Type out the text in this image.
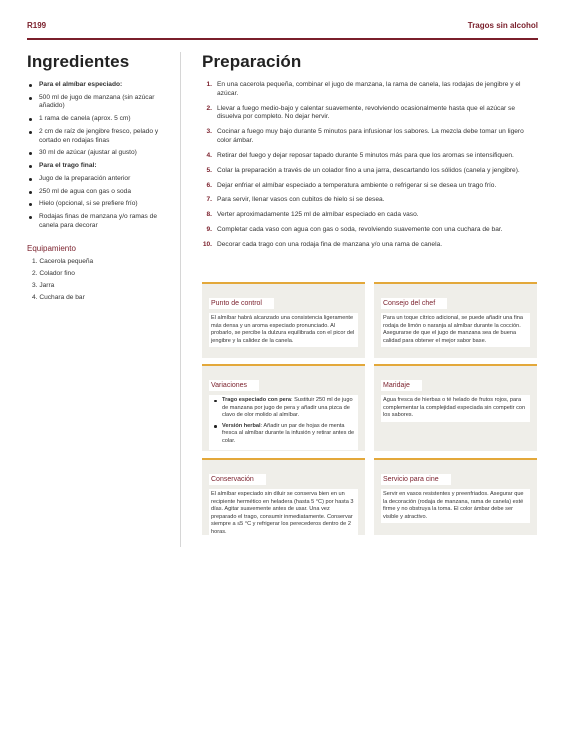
R199	Tragos sin alcohol
Ingredientes
Para el almíbar especiado:
500 ml de jugo de manzana (sin azúcar añadido)
1 rama de canela (aprox. 5 cm)
2 cm de raíz de jengibre fresco, pelado y cortado en rodajas finas
30 ml de azúcar (ajustar al gusto)
Para el trago final:
Jugo de la preparación anterior
250 ml de agua con gas o soda
Hielo (opcional, si se prefiere frío)
Rodajas finas de manzana y/o ramas de canela para decorar
Equipamiento
1. Cacerola pequeña
2. Colador fino
3. Jarra
4. Cuchara de bar
Preparación
1. En una cacerola pequeña, combinar el jugo de manzana, la rama de canela, las rodajas de jengibre y el azúcar.
2. Llevar a fuego medio-bajo y calentar suavemente, revolviendo ocasionalmente hasta que el azúcar se disuelva por completo. No dejar hervir.
3. Cocinar a fuego muy bajo durante 5 minutos para infusionar los sabores. La mezcla debe tomar un ligero color ámbar.
4. Retirar del fuego y dejar reposar tapado durante 5 minutos más para que los aromas se intensifiquen.
5. Colar la preparación a través de un colador fino a una jarra, descartando los sólidos (canela y jengibre).
6. Dejar enfriar el almíbar especiado a temperatura ambiente o refrigerar si se desea un trago frío.
7. Para servir, llenar vasos con cubitos de hielo si se desea.
8. Verter aproximadamente 125 ml de almíbar especiado en cada vaso.
9. Completar cada vaso con agua con gas o soda, revolviendo suavemente con una cuchara de bar.
10. Decorar cada trago con una rodaja fina de manzana y/o una rama de canela.
Punto de control
El almíbar habrá alcanzado una consistencia ligeramente más densa y un aroma especiado pronunciado. Al probarlo, se percibe la dulzura equilibrada con el picor del jengibre y la calidez de la canela.
Consejo del chef
Para un toque cítrico adicional, se puede añadir una fina rodaja de limón o naranja al almíbar durante la cocción. Asegurarse de que el jugo de manzana sea de buena calidad para obtener el mejor sabor base.
Variaciones
Trago especiado con pera: Sustituir 250 ml de jugo de manzana por jugo de pera y añadir una pizca de clavo de olor molido al almíbar.
Versión herbal: Añadir un par de hojas de menta fresca al almíbar durante la infusión y retirar antes de colar.
Maridaje
Agua fresca de hierbas o té helado de frutos rojos, para complementar la complejidad especiada sin competir con los sabores.
Conservación
El almíbar especiado sin diluir se conserva bien en un recipiente hermético en heladera (hasta 5 °C) por hasta 3 días. Agitar suavemente antes de usar. Una vez preparado el trago, consumir inmediatamente. Conservar siempre a ≤5 °C y refrigerar los perecederos dentro de 2 horas.
Servicio para cine
Servir en vasos resistentes y preenfriados. Asegurar que la decoración (rodaja de manzana, rama de canela) esté firme y no obstruya la toma. El color ámbar debe ser visible y atractivo.
